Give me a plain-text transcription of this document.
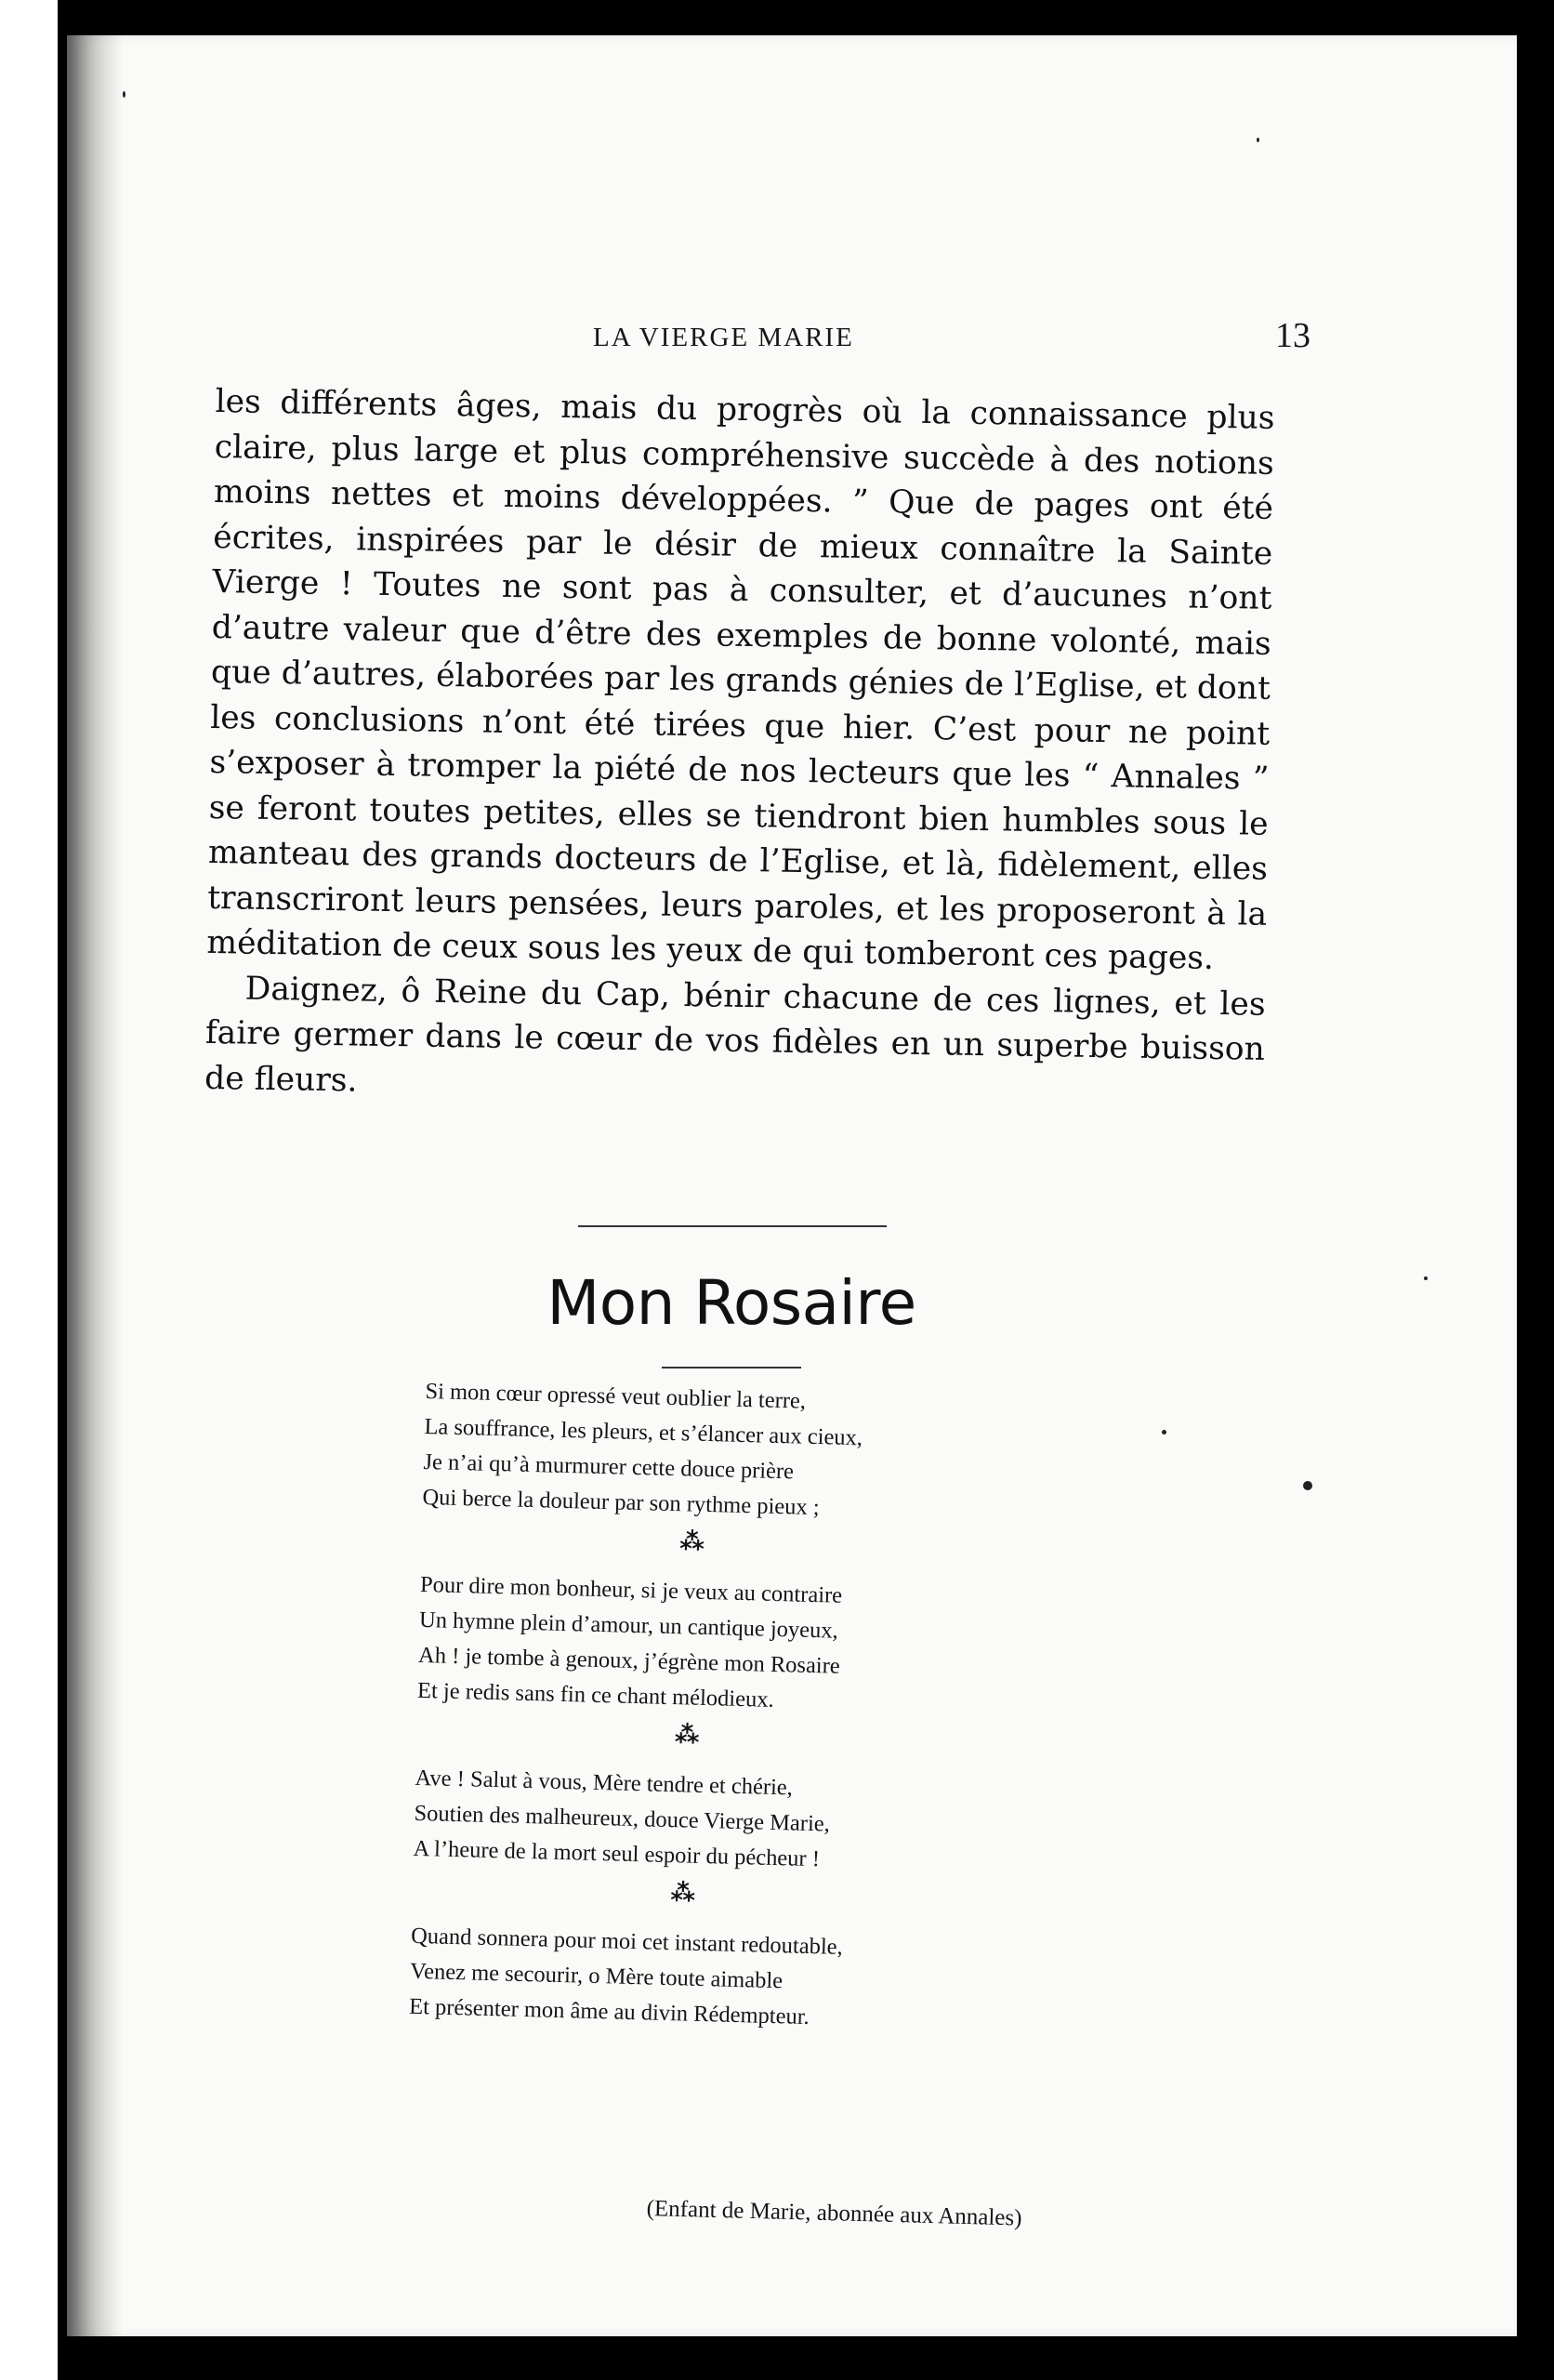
LA VIERGE MARIE	13

les différents âges, mais du progrès où la connaissance plus claire, plus large et plus compréhensive succède à des notions moins nettes et moins développées. ” Que de pages ont été écrites, inspirées par le désir de mieux connaître la Sainte Vierge ! Toutes ne sont pas à consulter, et d’aucunes n’ont d’autre valeur que d’être des exemples de bonne volonté, mais que d’autres, élaborées par les grands génies de l’Eglise, et dont les conclusions n’ont été tirées que hier. C’est pour ne point s’exposer à tromper la piété de nos lecteurs que les “ Annales ” se feront toutes petites, elles se tiendront bien humbles sous le manteau des grands docteurs de l’Eglise, et là, fidèlement, elles transcriront leurs pensées, leurs paroles, et les proposeront à la méditation de ceux sous les yeux de qui tomberont ces pages.

Daignez, ô Reine du Cap, bénir chacune de ces lignes, et les faire germer dans le cœur de vos fidèles en un superbe buisson de fleurs.

Mon Rosaire
Si mon cœur opressé veut oublier la terre,
La souffrance, les pleurs, et s’élancer aux cieux,
Je n’ai qu’à murmurer cette douce prière
Qui berce la douleur par son rythme pieux ;
⁂
Pour dire mon bonheur, si je veux au contraire
Un hymne plein d’amour, un cantique joyeux,
Ah ! je tombe à genoux, j’égrène mon Rosaire
Et je redis sans fin ce chant mélodieux.
⁂
Ave ! Salut à vous, Mère tendre et chérie,
Soutien des malheureux, douce Vierge Marie,
A l’heure de la mort seul espoir du pécheur !
⁂
Quand sonnera pour moi cet instant redoutable,
Venez me secourir, o Mère toute aimable
Et présenter mon âme au divin Rédempteur.
(Enfant de Marie, abonnée aux Annales)
